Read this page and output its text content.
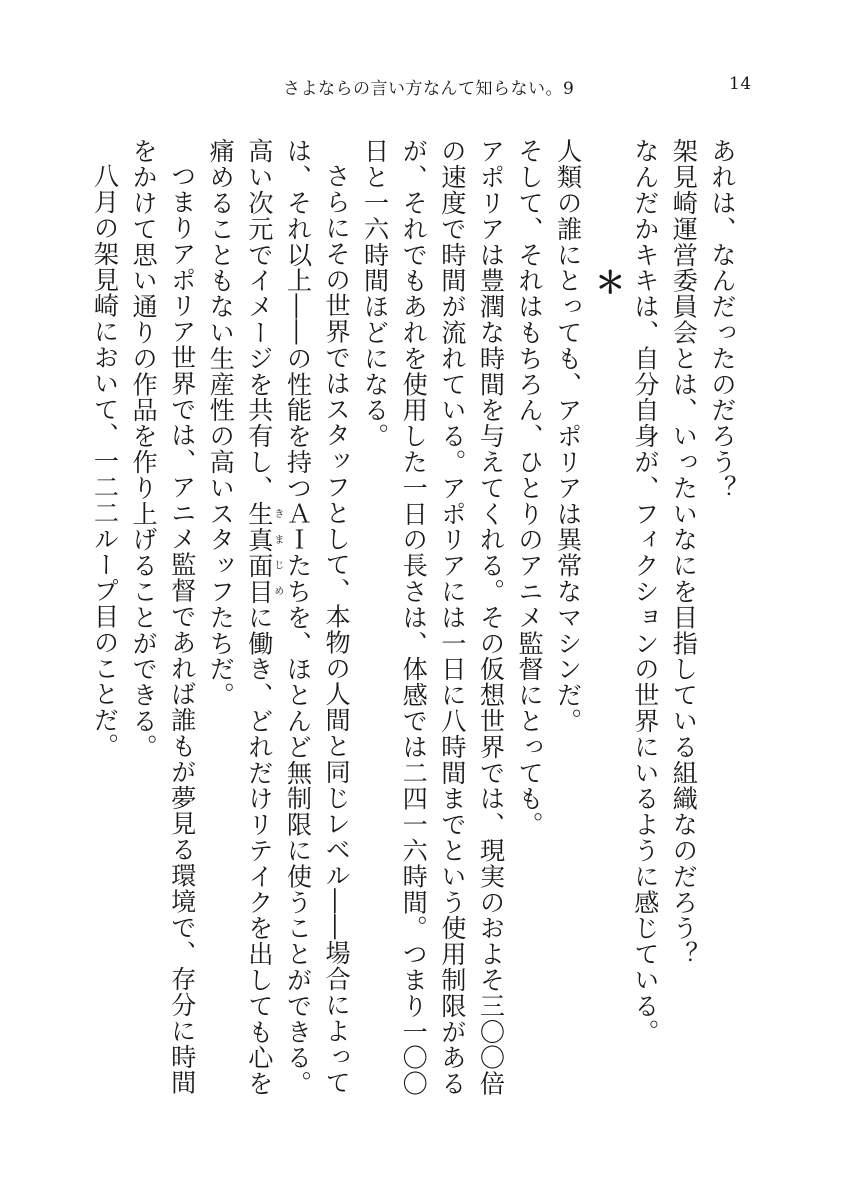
さよならの言い方なんて知らない。9	14

あれは、なんだったのだろう？

架見崎運営委員会とは、いったいなにを目指している組織なのだろう？

なんだかキキは、自分自身が、フィクションの世界にいるように感じている。

＊

人類の誰にとっても、アポリアは異常なマシンだ。

そして、それはもちろん、ひとりのアニメ監督にとっても。

アポリアは豊潤な時間を与えてくれる。その仮想世界では、現実のおよそ三〇〇倍の速度で時間が流れている。アポリアには一日に八時間までという使用制限があるが、それでもあれを使用した一日の長さは、体感では二四一六時間。つまり一〇〇日と一六時間ほどになる。

さらにその世界ではスタッフとして、本物の人間と同じレベル――場合によっては、それ以上――の性能を持つＡＩたちを、ほとんど無制限に使うことができる。高い次元でイメージを共有し、生真面目きまじめに働き、どれだけリテイクを出しても心を痛めることもない生産性の高いスタッフたちだ。

つまりアポリア世界では、アニメ監督であれば誰もが夢見る環境で、存分に時間をかけて思い通りの作品を作り上げることができる。

八月の架見崎において、一二二ループ目のことだ。
